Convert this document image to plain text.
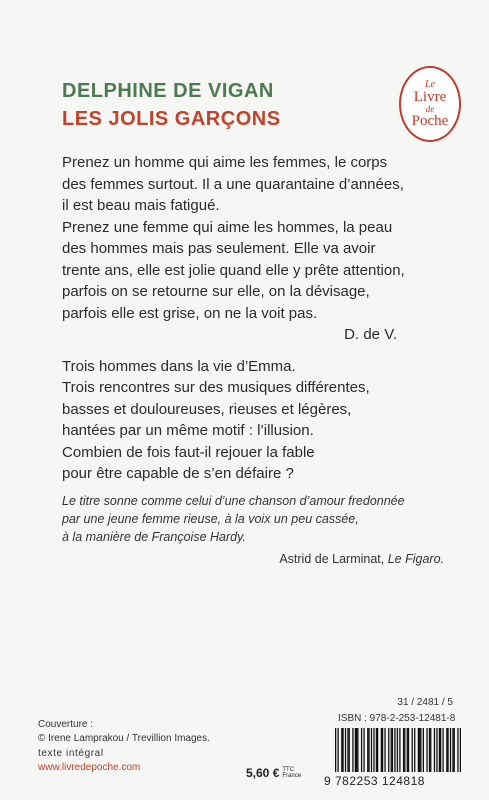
DELPHINE DE VIGAN
LES JOLIS GARÇONS
Le
Livre
de
Poche

Prenez un homme qui aime les femmes, le corps

des femmes surtout. Il a une quarantaine d’années,

il est beau mais fatigué.

Prenez une femme qui aime les hommes, la peau

des hommes mais pas seulement. Elle va avoir

trente ans, elle est jolie quand elle y prête attention,

parfois on se retourne sur elle, on la dévisage,

parfois elle est grise, on ne la voit pas.

D. de V.

Trois hommes dans la vie d’Emma.

Trois rencontres sur des musiques différentes,

basses et douloureuses, rieuses et légères,

hantées par un même motif : l’illusion.

Combien de fois faut-il rejouer la fable

pour être capable de s’en défaire ?

Le titre sonne comme celui d’une chanson d’amour fredonnée

par une jeune femme rieuse, à la voix un peu cassée,

à la manière de Françoise Hardy.

Astrid de Larminat, Le Figaro.

Couverture :
© Irene Lamprakou / Trevillion Images.
texte intégral
www.livredepoche.com	5,60 € TTC
France
31 / 2481 / 5
ISBN : 978-2-253-12481-8
9 782253 124818
